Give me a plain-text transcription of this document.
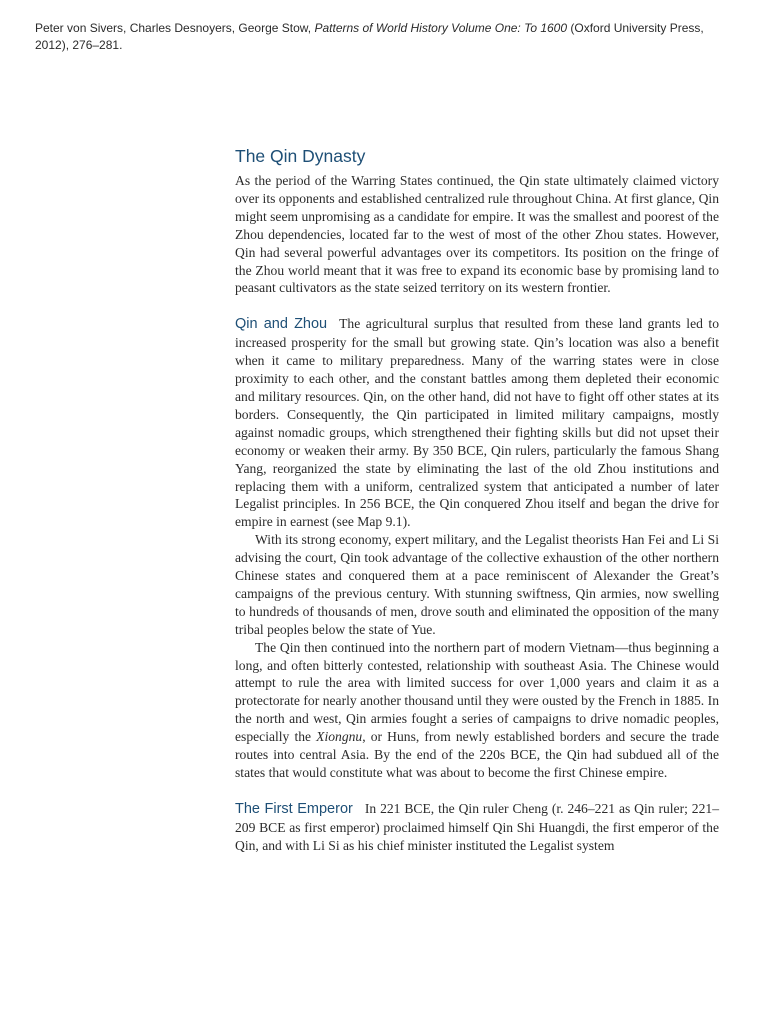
Peter von Sivers, Charles Desnoyers, George Stow, Patterns of World History Volume One: To 1600 (Oxford University Press, 2012), 276–281.
The Qin Dynasty

As the period of the Warring States continued, the Qin state ultimately claimed victory over its opponents and established centralized rule throughout China. At first glance, Qin might seem unpromising as a candidate for empire. It was the smallest and poorest of the Zhou dependencies, located far to the west of most of the other Zhou states. However, Qin had several powerful advantages over its competitors. Its position on the fringe of the Zhou world meant that it was free to expand its economic base by promising land to peasant cultivators as the state seized territory on its western frontier.

Qin and Zhou The agricultural surplus that resulted from these land grants led to increased prosperity for the small but growing state. Qin’s location was also a benefit when it came to military preparedness. Many of the warring states were in close proximity to each other, and the constant battles among them depleted their economic and military resources. Qin, on the other hand, did not have to fight off other states at its borders. Consequently, the Qin participated in limited military campaigns, mostly against nomadic groups, which strengthened their fighting skills but did not upset their economy or weaken their army. By 350 BCE, Qin rulers, particularly the famous Shang Yang, reorganized the state by eliminating the last of the old Zhou institutions and replacing them with a uniform, centralized system that anticipated a number of later Legalist principles. In 256 BCE, the Qin conquered Zhou itself and began the drive for empire in earnest (see Map 9.1).

With its strong economy, expert military, and the Legalist theorists Han Fei and Li Si advising the court, Qin took advantage of the collective exhaustion of the other northern Chinese states and conquered them at a pace reminiscent of Alexander the Great’s campaigns of the previous century. With stunning swiftness, Qin armies, now swelling to hundreds of thousands of men, drove south and eliminated the opposition of the many tribal peoples below the state of Yue.

The Qin then continued into the northern part of modern Vietnam—thus beginning a long, and often bitterly contested, relationship with southeast Asia. The Chinese would attempt to rule the area with limited success for over 1,000 years and claim it as a protectorate for nearly another thousand until they were ousted by the French in 1885. In the north and west, Qin armies fought a series of campaigns to drive nomadic peoples, especially the Xiongnu, or Huns, from newly established borders and secure the trade routes into central Asia. By the end of the 220s BCE, the Qin had subdued all of the states that would constitute what was about to become the first Chinese empire.

The First Emperor In 221 BCE, the Qin ruler Cheng (r. 246–221 as Qin ruler; 221–209 BCE as first emperor) proclaimed himself Qin Shi Huangdi, the first emperor of the Qin, and with Li Si as his chief minister instituted the Legalist system
